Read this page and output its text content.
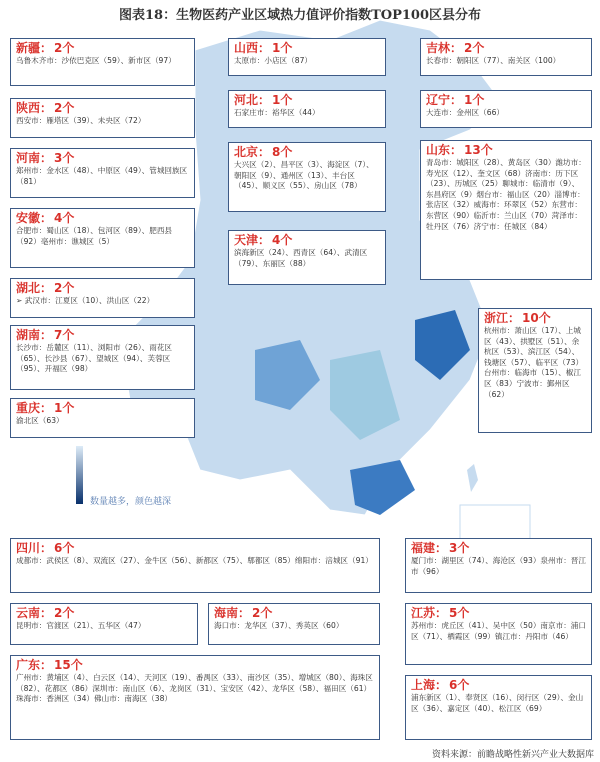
图表18：生物医药产业区域热力值评价指数TOP100区县分布
新疆： 2个
乌鲁木齐市：沙依巴克区（59）、新市区（97）
陕西： 2个
西安市：雁塔区（39）、未央区（72）
河南： 3个
郑州市：金水区（48）、中原区（49）、管城回族区（81）
安徽： 4个
合肥市：蜀山区（18）、包河区（89）、肥西县（92）亳州市：谯城区（5）
湖北： 2个
➢ 武汉市：江夏区（10）、洪山区（22）
湖南： 7个
长沙市：岳麓区（11）、浏阳市（26）、雨花区（65）、长沙县（67）、望城区（94）、芙蓉区（95）、开福区（98）
重庆： 1个
渝北区（63）
山西： 1个
太原市：小店区（87）
河北： 1个
石家庄市：裕华区（44）
北京： 8个
大兴区（2）、昌平区（3）、海淀区（7）、朝阳区（9）、通州区（13）、丰台区（45）、顺义区（55）、房山区（78）
天津： 4个
滨海新区（24）、西青区（64）、武清区（79）、东丽区（88）
吉林： 2个
长春市：朝阳区（77）、南关区（100）
辽宁： 1个
大连市：金州区（66）
山东： 13个
青岛市：城阳区（28）、黄岛区（30）潍坊市：寿光区（12）、奎文区（68）济南市：历下区（23）、历城区（25）聊城市：临清市（9）、东昌府区（9）烟台市：福山区（20）淄博市：张店区（32）威海市：环翠区（52）东营市：东营区（90）临沂市：兰山区（70）菏泽市：牡丹区（76）济宁市：任城区（84）
浙江： 10个
杭州市：萧山区（17）、上城区（43）、拱墅区（51）、余杭区（53）、滨江区（54）、钱塘区（57）、临平区（73）台州市：临海市（15）、椒江区（83）宁波市：鄞州区（62）
数量越多，颜色越深
四川： 6个
成都市：武侯区（8）、双流区（27）、金牛区（56）、新都区（75）、郫都区（85）绵阳市：涪城区（91）
福建： 3个
厦门市：湖里区（74）、海沧区（93）泉州市：晋江市（96）
云南： 2个
昆明市：官渡区（21）、五华区（47）
海南： 2个
海口市：龙华区（37）、秀英区（60）
江苏： 5个
苏州市：虎丘区（41）、吴中区（50）南京市：浦口区（71）、栖霞区（99）镇江市：丹阳市（46）
广东： 15个
广州市：黄埔区（4）、白云区（14）、天河区（19）、番禺区（33）、南沙区（35）、增城区（80）、海珠区（82）、花都区（86）深圳市：南山区（6）、龙岗区（31）、宝安区（42）、龙华区（58）、福田区（61）珠海市：香洲区（34）佛山市：南海区（38）
上海： 6个
浦东新区（1）、奉贤区（16）、闵行区（29）、金山区（36）、嘉定区（40）、松江区（69）
资料来源：前瞻战略性新兴产业大数据库
